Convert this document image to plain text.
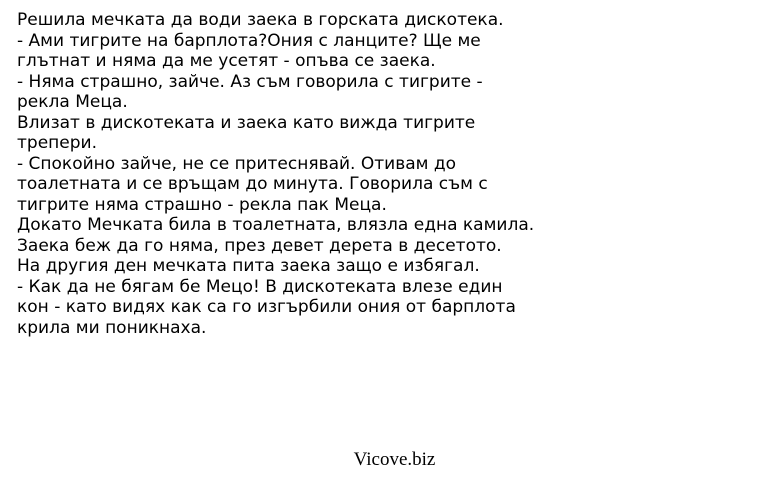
Решила мечката да води заека в горската дискотека.
- Ами тигрите на барплота?Ония с ланците? Ще ме
глътнат и няма да ме усетят - опъва се заека.
- Няма страшно, зайче. Аз съм говорила с тигрите -
рекла Меца.
Влизат в дискотеката и заека като вижда тигрите
трепери.
- Спокойно зайче, не се притеснявай. Отивам до
тоалетната и се връщам до минута. Говорила съм с
тигрите няма страшно - рекла пак Меца.
Докато Мечката била в тоалетната, влязла една камила.
Заека беж да го няма, през девет дерета в десетото.
На другия ден мечката пита заека защо е избягал.
- Как да не бягам бе Мецо! В дискотеката влезе един
кон - като видях как са го изгърбили ония от барплота
крила ми поникнаха.
Vicove.biz
